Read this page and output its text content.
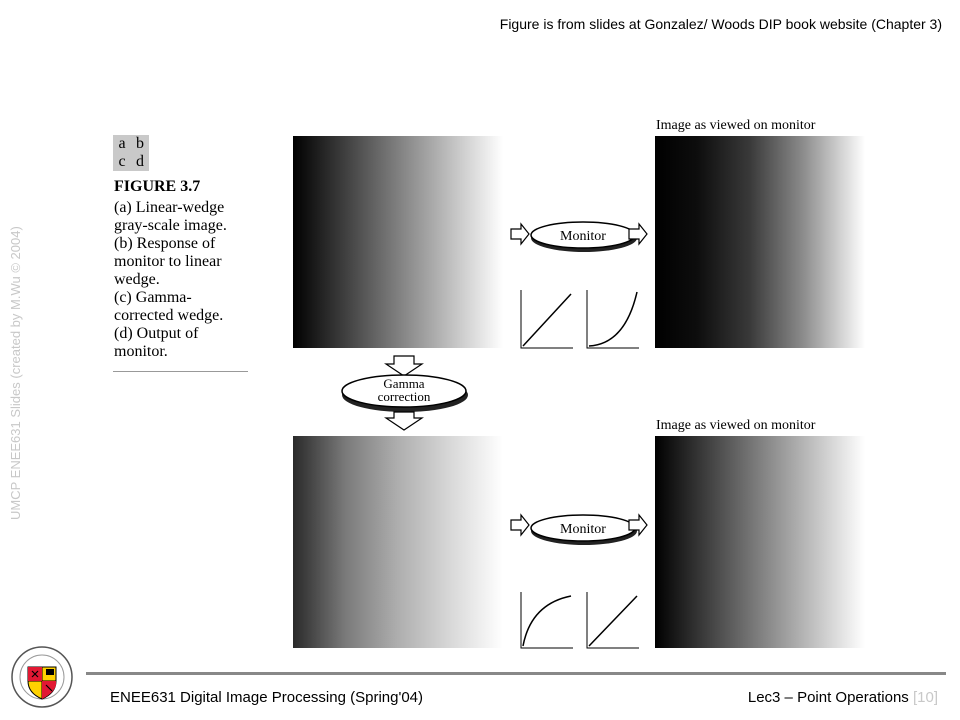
Figure is from slides at Gonzalez/ Woods DIP book website (Chapter 3)
UMCP ENEE631 Slides (created by M.Wu © 2004)
a b
c d
FIGURE 3.7
(a) Linear-wedge
gray-scale image.
(b) Response of
monitor to linear
wedge.
(c) Gamma-
corrected wedge.
(d) Output of
monitor.
Image as viewed on monitor
Image as viewed on monitor
Monitor
Gamma
correction
Monitor
ENEE631 Digital Image Processing (Spring'04)	Lec3 – Point Operations [10]
